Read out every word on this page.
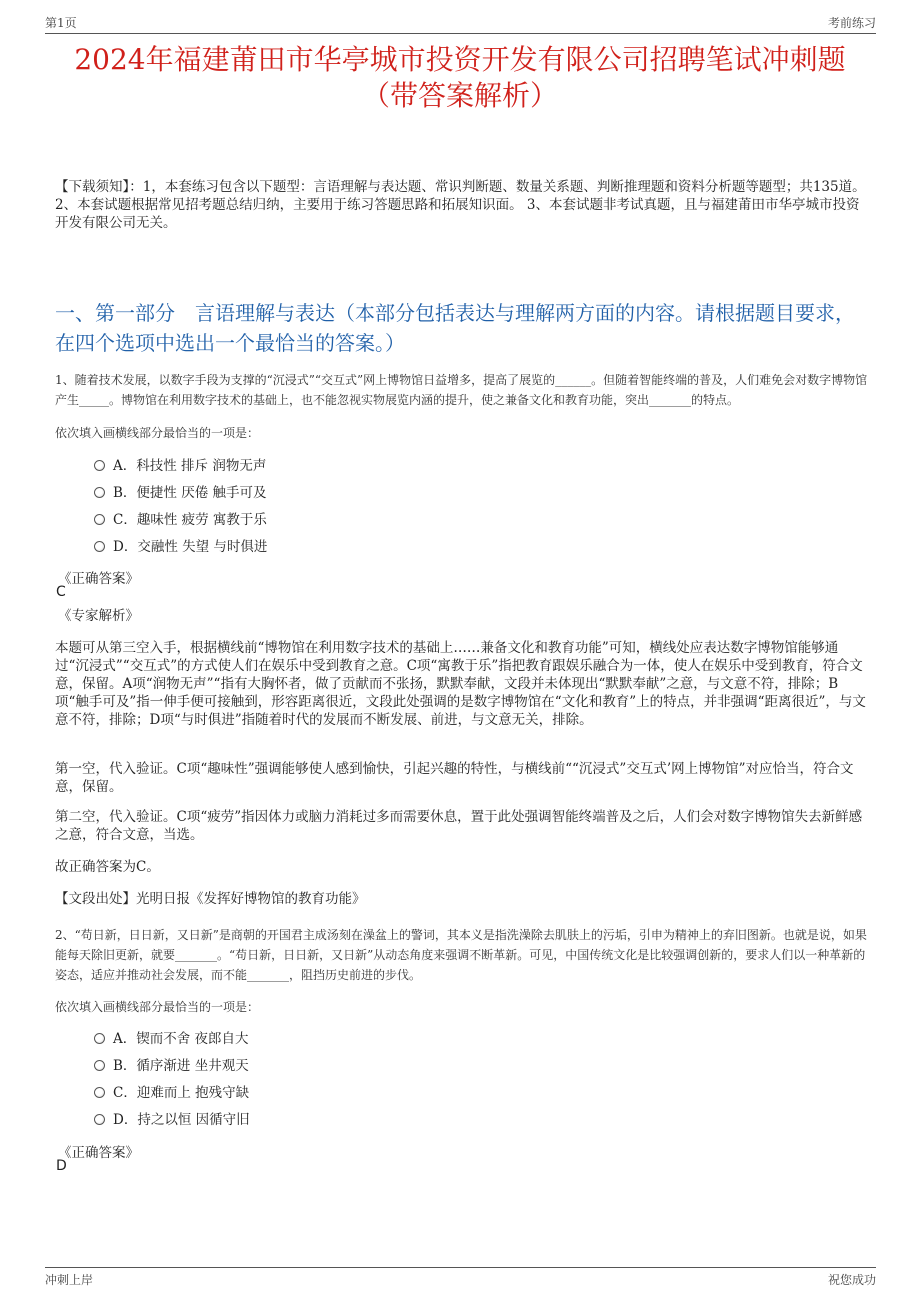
第1页	考前练习
2024年福建莆田市华亭城市投资开发有限公司招聘笔试冲刺题
（带答案解析）
【下载须知】：1，本套练习包含以下题型：言语理解与表达题、常识判断题、数量关系题、判断推理题和资料分析题等题型；共135道。 2、本套试题根据常见招考题总结归纳，主要用于练习答题思路和拓展知识面。 3、本套试题非考试真题，且与福建莆田市华亭城市投资开发有限公司无关。
一、第一部分　言语理解与表达（本部分包括表达与理解两方面的内容。请根据题目要求，在四个选项中选出一个最恰当的答案。）
1、随着技术发展，以数字手段为支撑的“沉浸式”“交互式”网上博物馆日益增多，提高了展览的______。但随着智能终端的普及，人们难免会对数字博物馆产生_____。博物馆在利用数字技术的基础上，也不能忽视实物展览内涵的提升，使之兼备文化和教育功能，突出_______的特点。
依次填入画横线部分最恰当的一项是：
A．科技性 排斥 润物无声
B．便捷性 厌倦 触手可及
C．趣味性 疲劳 寓教于乐
D．交融性 失望 与时俱进
《正确答案》
C
《专家解析》
本题可从第三空入手，根据横线前“博物馆在利用数字技术的基础上……兼备文化和教育功能”可知，横线处应表达数字博物馆能够通过“沉浸式”“交互式”的方式使人们在娱乐中受到教育之意。C项“寓教于乐”指把教育跟娱乐融合为一体，使人在娱乐中受到教育，符合文意，保留。A项“润物无声”“指有大胸怀者，做了贡献而不张扬，默默奉献，文段并未体现出“默默奉献”之意，与文意不符，排除；B项“触手可及”指一伸手便可接触到，形容距离很近，文段此处强调的是数字博物馆在“文化和教育”上的特点，并非强调“距离很近”，与文意不符，排除；D项“与时俱进”指随着时代的发展而不断发展、前进，与文意无关，排除。
第一空，代入验证。C项“趣味性”强调能够使人感到愉快，引起兴趣的特性，与横线前““沉浸式”交互式’网上博物馆”对应恰当，符合文意，保留。
第二空，代入验证。C项“疲劳”指因体力或脑力消耗过多而需要休息，置于此处强调智能终端普及之后，人们会对数字博物馆失去新鲜感之意，符合文意，当选。
故正确答案为C。
【文段出处】光明日报《发挥好博物馆的教育功能》
2、“苟日新，日日新，又日新”是商朝的开国君主成汤刻在澡盆上的警词，其本义是指洗澡除去肌肤上的污垢，引申为精神上的弃旧图新。也就是说，如果能每天除旧更新，就要_______。“苟日新，日日新，又日新”从动态角度来强调不断革新。可见，中国传统文化是比较强调创新的，要求人们以一种革新的姿态，适应并推动社会发展，而不能_______，阻挡历史前进的步伐。
依次填入画横线部分最恰当的一项是：
A．锲而不舍 夜郎自大
B．循序渐进 坐井观天
C．迎难而上 抱残守缺
D．持之以恒 因循守旧
《正确答案》
D
冲刺上岸	祝您成功
